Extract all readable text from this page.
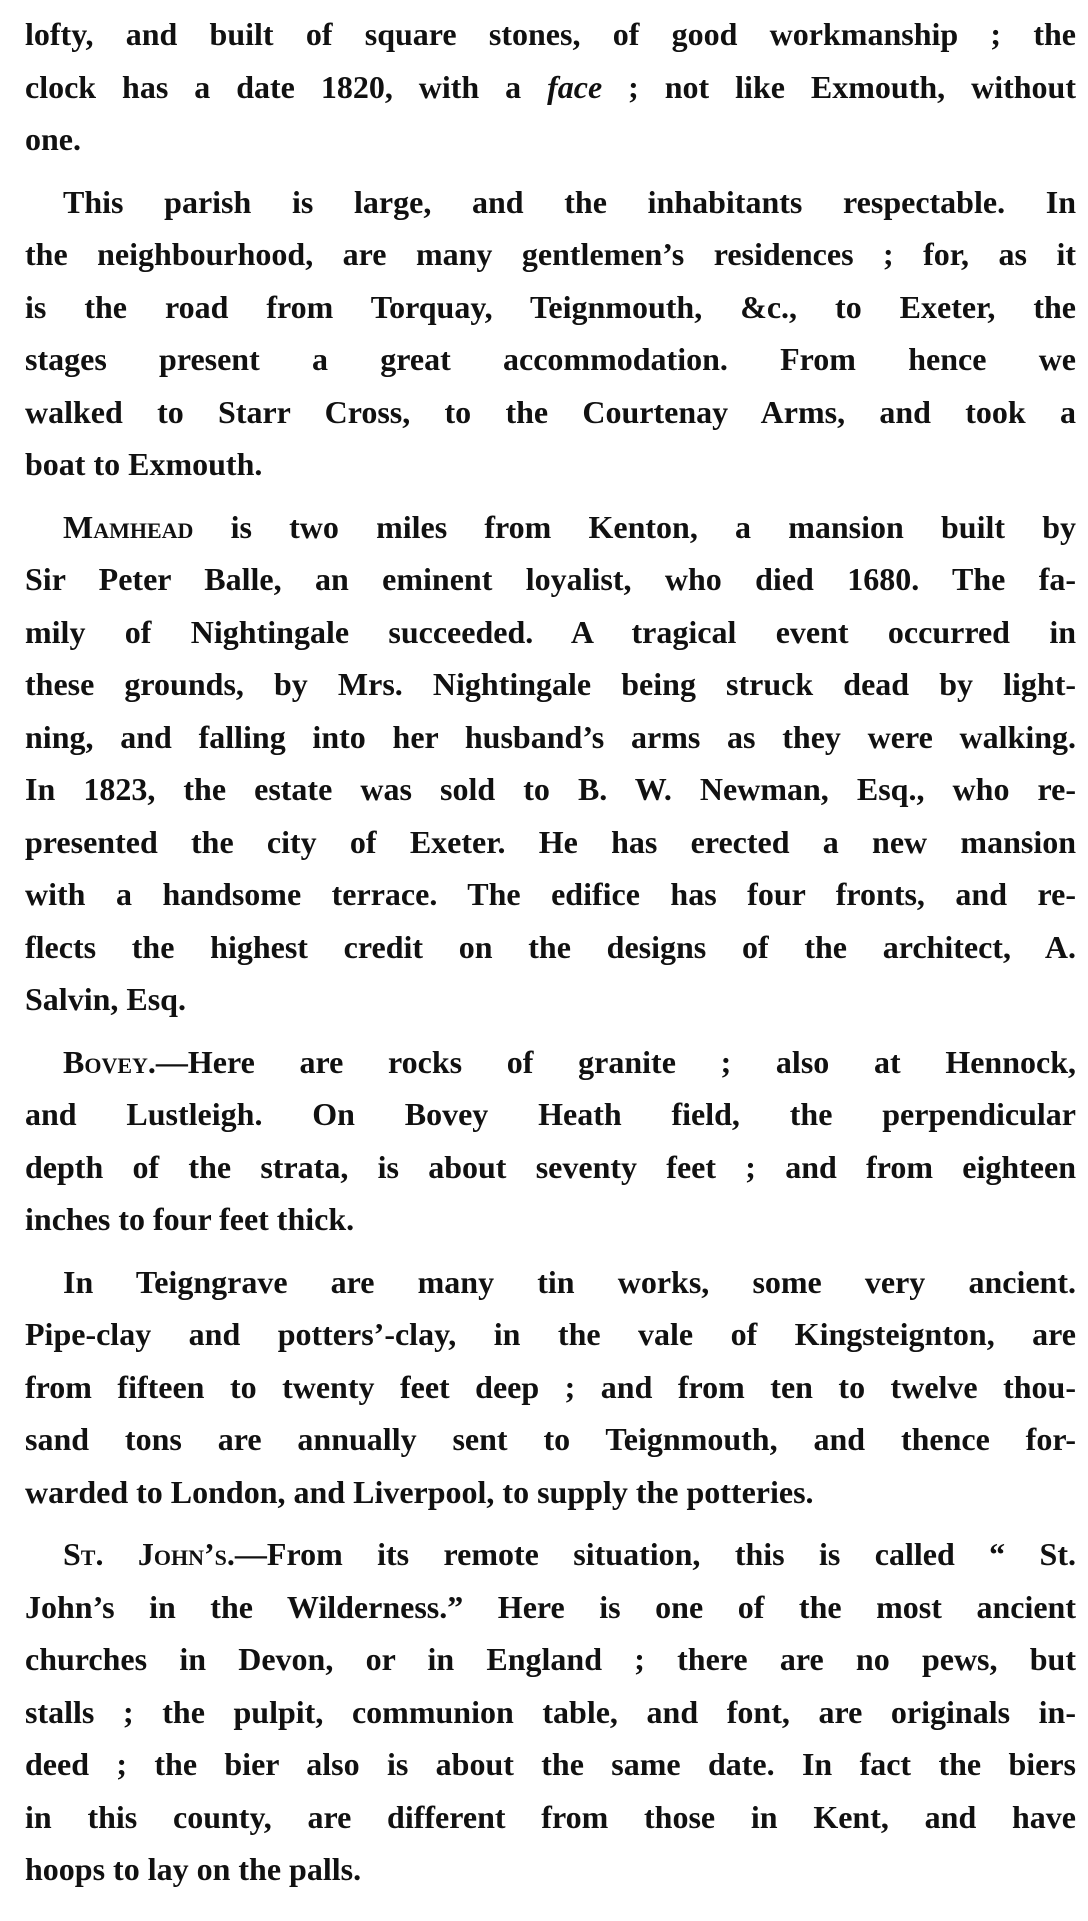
lofty, and built of square stones, of good workmanship ; the
clock has a date 1820, with a face ; not like Exmouth, without
one.
This parish is large, and the inhabitants respectable. In
the neighbourhood, are many gentlemen’s residences ; for, as it
is the road from Torquay, Teignmouth, &c., to Exeter, the
stages present a great accommodation. From hence we
walked to Starr Cross, to the Courtenay Arms, and took a
boat to Exmouth.
Mamhead is two miles from Kenton, a mansion built by
Sir Peter Balle, an eminent loyalist, who died 1680. The fa-
mily of Nightingale succeeded. A tragical event occurred in
these grounds, by Mrs. Nightingale being struck dead by light-
ning, and falling into her husband’s arms as they were walking.
In 1823, the estate was sold to B. W. Newman, Esq., who re-
presented the city of Exeter. He has erected a new mansion
with a handsome terrace. The edifice has four fronts, and re-
flects the highest credit on the designs of the architect, A.
Salvin, Esq.
Bovey.—Here are rocks of granite ; also at Hennock,
and Lustleigh. On Bovey Heath field, the perpendicular
depth of the strata, is about seventy feet ; and from eighteen
inches to four feet thick.
In Teigngrave are many tin works, some very ancient.
Pipe-clay and potters’-clay, in the vale of Kingsteignton, are
from fifteen to twenty feet deep ; and from ten to twelve thou-
sand tons are annually sent to Teignmouth, and thence for-
warded to London, and Liverpool, to supply the potteries.
St. John’s.—From its remote situation, this is called “ St.
John’s in the Wilderness.” Here is one of the most ancient
churches in Devon, or in England ; there are no pews, but
stalls ; the pulpit, communion table, and font, are originals in-
deed ; the bier also is about the same date. In fact the biers
in this county, are different from those in Kent, and have
hoops to lay on the palls.
